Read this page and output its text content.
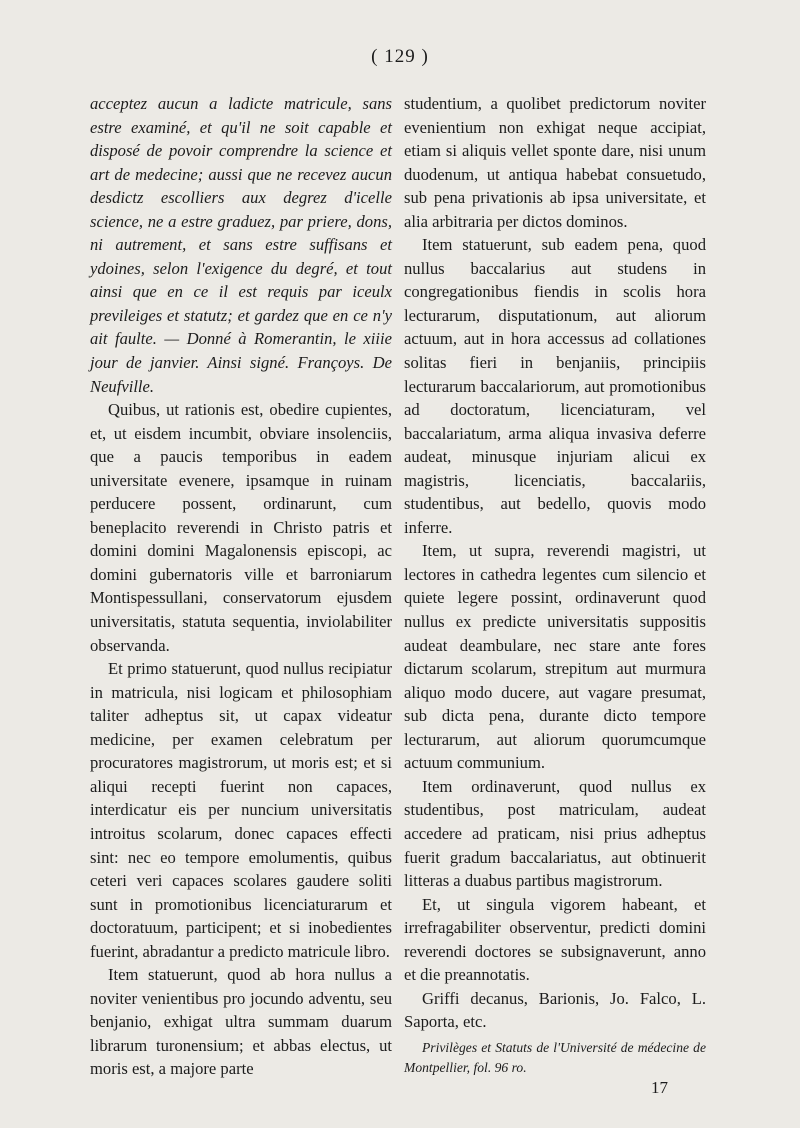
( 129 )

acceptez aucun a ladicte matricule, sans estre examiné, et qu'il ne soit capable et disposé de povoir comprendre la science et art de medecine; aussi que ne recevez aucun desdictz escolliers aux degrez d'icelle science, ne a estre graduez, par priere, dons, ni autrement, et sans estre suffisans et ydoines, selon l'exigence du degré, et tout ainsi que en ce il est requis par iceulx previleiges et statutz; et gardez que en ce n'y ait faulte. — Donné à Romerantin, le xiiie jour de janvier. Ainsi signé. Françoys. De Neufville.

Quibus, ut rationis est, obedire cupientes, et, ut eisdem incumbit, obviare insolenciis, que a paucis temporibus in eadem universitate evenere, ipsamque in ruinam perducere possent, ordinarunt, cum beneplacito reverendi in Christo patris et domini domini Magalonensis episcopi, ac domini gubernatoris ville et barroniarum Montispessullani, conservatorum ejusdem universitatis, statuta sequentia, inviolabiliter observanda.

Et primo statuerunt, quod nullus recipiatur in matricula, nisi logicam et philosophiam taliter adheptus sit, ut capax videatur medicine, per examen celebratum per procuratores magistrorum, ut moris est; et si aliqui recepti fuerint non capaces, interdicatur eis per nuncium universitatis introitus scolarum, donec capaces effecti sint: nec eo tempore emolumentis, quibus ceteri veri capaces scolares gaudere soliti sunt in promotionibus licenciaturarum et doctoratuum, participent; et si inobedientes fuerint, abradantur a predicto matricule libro.

Item statuerunt, quod ab hora nullus a noviter venientibus pro jocundo adventu, seu benjanio, exhigat ultra summam duarum librarum turonensium; et abbas electus, ut moris est, a majore parte

studentium, a quolibet predictorum noviter evenientium non exhigat neque accipiat, etiam si aliquis vellet sponte dare, nisi unum duodenum, ut antiqua habebat consuetudo, sub pena privationis ab ipsa universitate, et alia arbitraria per dictos dominos.

Item statuerunt, sub eadem pena, quod nullus baccalarius aut studens in congregationibus fiendis in scolis hora lecturarum, disputationum, aut aliorum actuum, aut in hora accessus ad collationes solitas fieri in benjaniis, principiis lecturarum baccalariorum, aut promotionibus ad doctoratum, licenciaturam, vel baccalariatum, arma aliqua invasiva deferre audeat, minusque injuriam alicui ex magistris, licenciatis, baccalariis, studentibus, aut bedello, quovis modo inferre.

Item, ut supra, reverendi magistri, ut lectores in cathedra legentes cum silencio et quiete legere possint, ordinaverunt quod nullus ex predicte universitatis suppositis audeat deambulare, nec stare ante fores dictarum scolarum, strepitum aut murmura aliquo modo ducere, aut vagare presumat, sub dicta pena, durante dicto tempore lecturarum, aut aliorum quorumcumque actuum communium.

Item ordinaverunt, quod nullus ex studentibus, post matriculam, audeat accedere ad praticam, nisi prius adheptus fuerit gradum baccalariatus, aut obtinuerit litteras a duabus partibus magistrorum.

Et, ut singula vigorem habeant, et irrefragabiliter observentur, predicti domini reverendi doctores se subsignaverunt, anno et die preannotatis.

Griffi decanus, Barionis, Jo. Falco, L. Saporta, etc.

Privilèges et Statuts de l'Université de médecine de Montpellier, fol. 96 ro.

17
